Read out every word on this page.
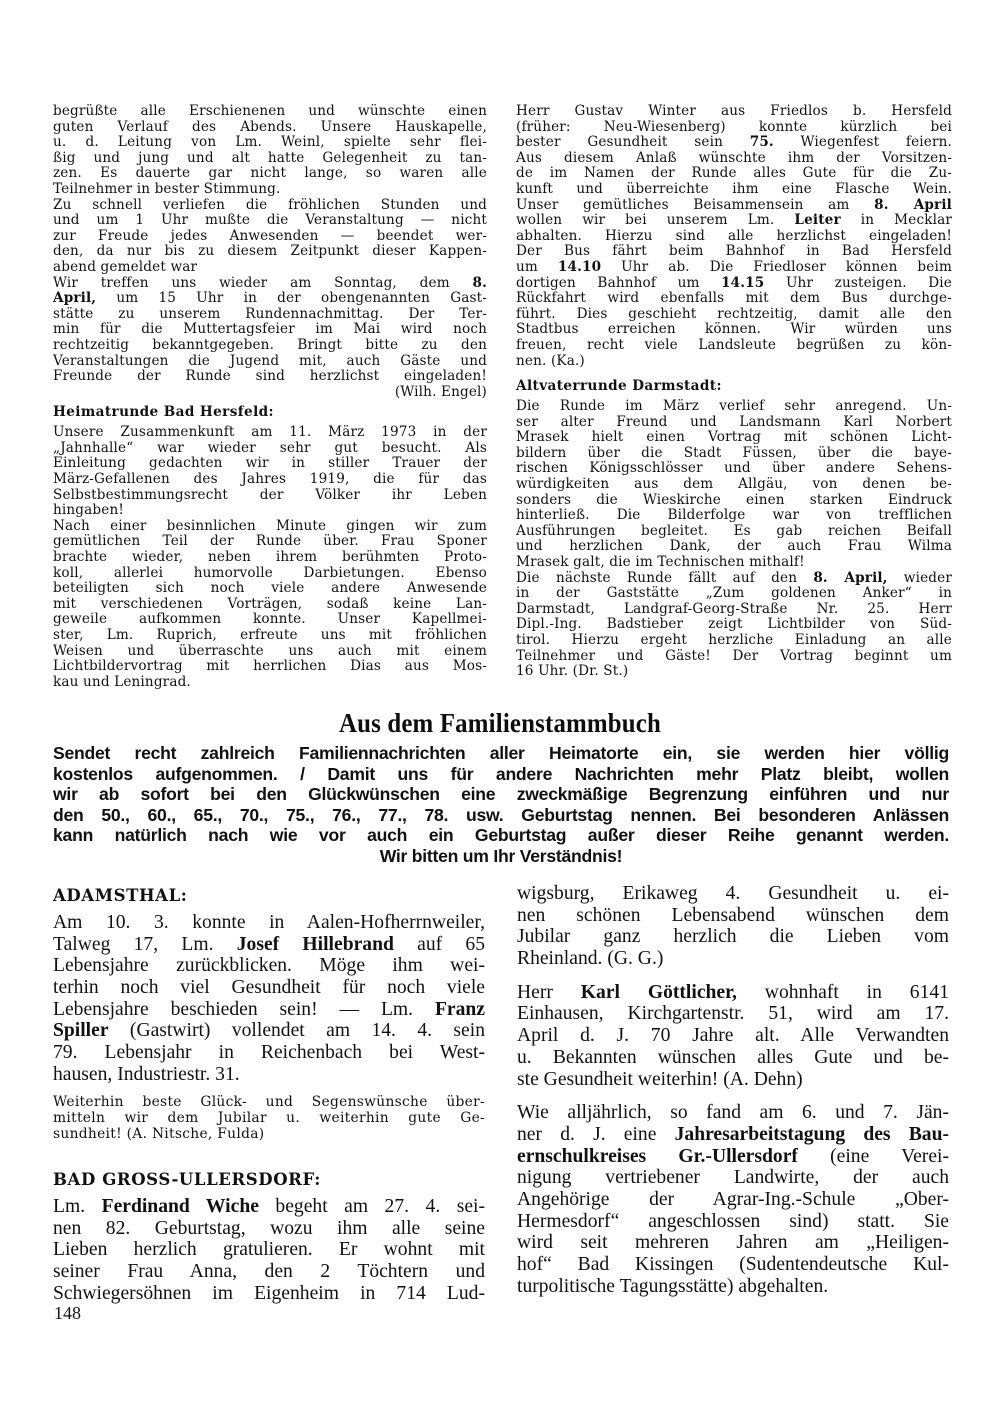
begrüßte alle Erschienenen und wünschte einen
guten Verlauf des Abends. Unsere Hauskapelle,
u. d. Leitung von Lm. Weinl, spielte sehr flei-
ßig und jung und alt hatte Gelegenheit zu tan-
zen. Es dauerte gar nicht lange, so waren alle
Teilnehmer in bester Stimmung.
Zu schnell verliefen die fröhlichen Stunden und
und um 1 Uhr mußte die Veranstaltung — nicht
zur Freude jedes Anwesenden — beendet wer-
den, da nur bis zu diesem Zeitpunkt dieser Kappen-
abend gemeldet war
Wir treffen uns wieder am Sonntag, dem 8.
April, um 15 Uhr in der obengenannten Gast-
stätte zu unserem Rundennachmittag. Der Ter-
min für die Muttertagsfeier im Mai wird noch
rechtzeitig bekanntgegeben. Bringt bitte zu den
Veranstaltungen die Jugend mit, auch Gäste und
Freunde der Runde sind herzlichst eingeladen!
(Wilh. Engel)
Heimatrunde Bad Hersfeld:
Unsere Zusammenkunft am 11. März 1973 in der
„Jahnhalle“ war wieder sehr gut besucht. Als
Einleitung gedachten wir in stiller Trauer der
März-Gefallenen des Jahres 1919, die für das
Selbstbestimmungsrecht der Völker ihr Leben
hingaben!
Nach einer besinnlichen Minute gingen wir zum
gemütlichen Teil der Runde über. Frau Sponer
brachte wieder, neben ihrem berühmten Proto-
koll, allerlei humorvolle Darbietungen. Ebenso
beteiligten sich noch viele andere Anwesende
mit verschiedenen Vorträgen, sodaß keine Lan-
geweile aufkommen konnte. Unser Kapellmei-
ster, Lm. Ruprich, erfreute uns mit fröhlichen
Weisen und überraschte uns auch mit einem
Lichtbildervortrag mit herrlichen Dias aus Mos-
kau und Leningrad.
Herr Gustav Winter aus Friedlos b. Hersfeld
(früher: Neu-Wiesenberg) konnte kürzlich bei
bester Gesundheit sein 75. Wiegenfest feiern.
Aus diesem Anlaß wünschte ihm der Vorsitzen-
de im Namen der Runde alles Gute für die Zu-
kunft und überreichte ihm eine Flasche Wein.
Unser gemütliches Beisammensein am 8. April
wollen wir bei unserem Lm. Leiter in Mecklar
abhalten. Hierzu sind alle herzlichst eingeladen!
Der Bus fährt beim Bahnhof in Bad Hersfeld
um 14.10 Uhr ab. Die Friedloser können beim
dortigen Bahnhof um 14.15 Uhr zusteigen. Die
Rückfahrt wird ebenfalls mit dem Bus durchge-
führt. Dies geschieht rechtzeitig, damit alle den
Stadtbus erreichen können. Wir würden uns
freuen, recht viele Landsleute begrüßen zu kön-
nen. (Ka.)
Altvaterrunde Darmstadt:
Die Runde im März verlief sehr anregend. Un-
ser alter Freund und Landsmann Karl Norbert
Mrasek hielt einen Vortrag mit schönen Licht-
bildern über die Stadt Füssen, über die baye-
rischen Königsschlösser und über andere Sehens-
würdigkeiten aus dem Allgäu, von denen be-
sonders die Wieskirche einen starken Eindruck
hinterließ. Die Bilderfolge war von trefflichen
Ausführungen begleitet. Es gab reichen Beifall
und herzlichen Dank, der auch Frau Wilma
Mrasek galt, die im Technischen mithalf!
Die nächste Runde fällt auf den 8. April, wieder
in der Gaststätte „Zum goldenen Anker“ in
Darmstadt, Landgraf-Georg-Straße Nr. 25. Herr
Dipl.-Ing. Badstieber zeigt Lichtbilder von Süd-
tirol. Hierzu ergeht herzliche Einladung an alle
Teilnehmer und Gäste! Der Vortrag beginnt um
16 Uhr. (Dr. St.)
Aus dem Familienstammbuch
Sendet recht zahlreich Familiennachrichten aller Heimatorte ein, sie werden hier völlig
kostenlos aufgenommen. / Damit uns für andere Nachrichten mehr Platz bleibt, wollen
wir ab sofort bei den Glückwünschen eine zweckmäßige Begrenzung einführen und nur
den 50., 60., 65., 70., 75., 76., 77., 78. usw. Geburtstag nennen. Bei besonderen Anlässen
kann natürlich nach wie vor auch ein Geburtstag außer dieser Reihe genannt werden.
Wir bitten um Ihr Verständnis!
ADAMSTHAL:
Am 10. 3. konnte in Aalen-Hofherrnweiler,
Talweg 17, Lm. Josef Hillebrand auf 65
Lebensjahre zurückblicken. Möge ihm wei-
terhin noch viel Gesundheit für noch viele
Lebensjahre beschieden sein! — Lm. Franz
Spiller (Gastwirt) vollendet am 14. 4. sein
79. Lebensjahr in Reichenbach bei West-
hausen, Industriestr. 31.
Weiterhin beste Glück- und Segenswünsche über-
mitteln wir dem Jubilar u. weiterhin gute Ge-
sundheit! (A. Nitsche, Fulda)
BAD GROSS-ULLERSDORF:
Lm. Ferdinand Wiche begeht am 27. 4. sei-
nen 82. Geburtstag, wozu ihm alle seine
Lieben herzlich gratulieren. Er wohnt mit
seiner Frau Anna, den 2 Töchtern und
Schwiegersöhnen im Eigenheim in 714 Lud-
wigsburg, Erikaweg 4. Gesundheit u. ei-
nen schönen Lebensabend wünschen dem
Jubilar ganz herzlich die Lieben vom
Rheinland. (G. G.)
Herr Karl Göttlicher, wohnhaft in 6141
Einhausen, Kirchgartenstr. 51, wird am 17.
April d. J. 70 Jahre alt. Alle Verwandten
u. Bekannten wünschen alles Gute und be-
ste Gesundheit weiterhin! (A. Dehn)
Wie alljährlich, so fand am 6. und 7. Jän-
ner d. J. eine Jahresarbeitstagung des Bau-
ernschulkreises Gr.-Ullersdorf (eine Verei-
nigung vertriebener Landwirte, der auch
Angehörige der Agrar-Ing.-Schule „Ober-
Hermesdorf“ angeschlossen sind) statt. Sie
wird seit mehreren Jahren am „Heiligen-
hof“ Bad Kissingen (Sudentendeutsche Kul-
turpolitische Tagungsstätte) abgehalten.
148
